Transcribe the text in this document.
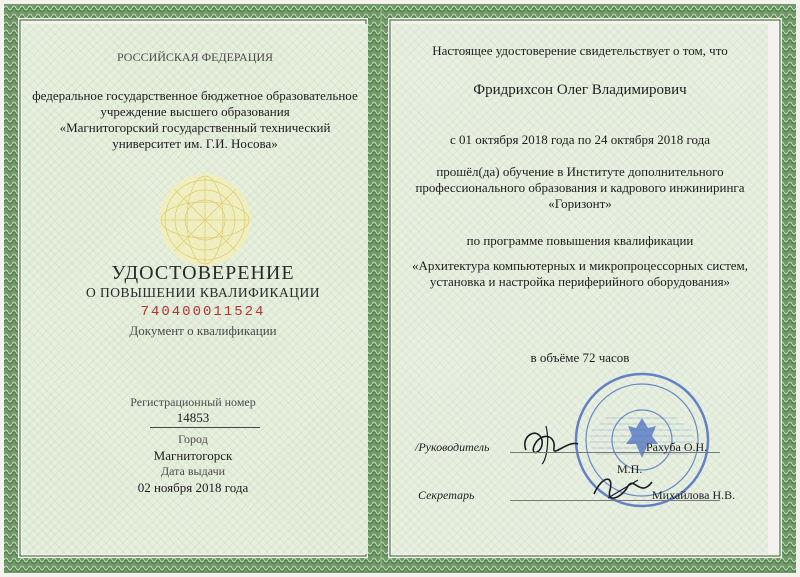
РОССИЙСКАЯ ФЕДЕРАЦИЯ
федеральное государственное бюджетное образовательное
учреждение высшего образования
«Магнитогорский государственный технический
университет им. Г.И. Носова»
УДОСТОВЕРЕНИЕ
О ПОВЫШЕНИИ КВАЛИФИКАЦИИ
740400011524
Документ о квалификации
Регистрационный номер
14853
Город
Магнитогорск
Дата выдачи
02 ноября 2018 года
Настоящее удостоверение свидетельствует о том, что
Фридрихсон Олег Владимирович
с 01 октября 2018 года по 24 октября 2018 года
прошёл(да) обучение в Институте дополнительного
профессионального образования и кадрового инжиниринга
«Горизонт»
по программе повышения квалификации
«Архитектура компьютерных и микропроцессорных систем,
установка и настройка периферийного оборудования»
в объёме 72 часов
/Руководитель	Рахуба О.Н.
М.П.
Секретарь	Михайлова Н.В.
